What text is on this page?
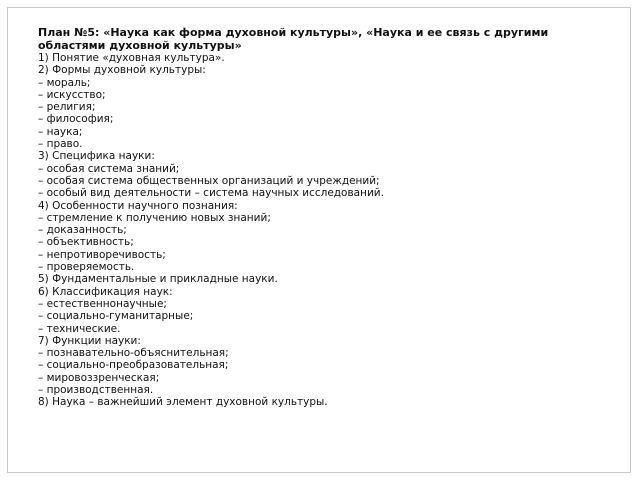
План №5: «Наука как форма духовной культуры», «Наука и ее связь с другими областями духовной культуры»

1) Понятие «духовная культура».
2) Формы духовной культуры:
– мораль;
– искусство;
– религия;
– философия;
– наука;
– право.
3) Специфика науки:
– особая система знаний;
– особая система общественных организаций и учреждений;
– особый вид деятельности – система научных исследований.
4) Особенности научного познания:
– стремление к получению новых знаний;
– доказанность;
– объективность;
– непротиворечивость;
– проверяемость.
5) Фундаментальные и прикладные науки.
6) Классификация наук:
– естественнонаучные;
– социально-гуманитарные;
– технические.
7) Функции науки:
– познавательно-объяснительная;
– социально-преобразовательная;
– мировоззренческая;
– производственная.
8) Наука – важнейший элемент духовной культуры.
